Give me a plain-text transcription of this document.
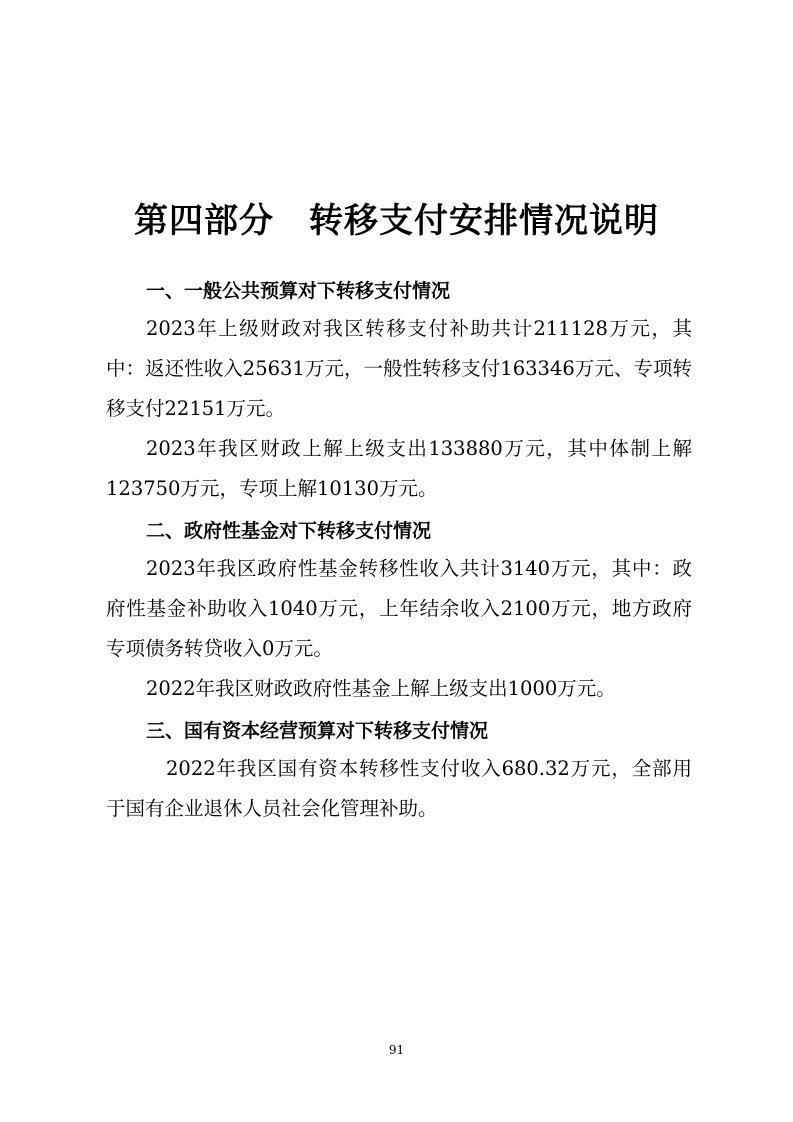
第四部分　转移支付安排情况说明
一、一般公共预算对下转移支付情况

2023年上级财政对我区转移支付补助共计211128万元，其中：返还性收入25631万元，一般性转移支付163346万元、专项转移支付22151万元。

2023年我区财政上解上级支出133880万元，其中体制上解123750万元，专项上解10130万元。

二、政府性基金对下转移支付情况

2023年我区政府性基金转移性收入共计3140万元，其中：政府性基金补助收入1040万元，上年结余收入2100万元，地方政府专项债务转贷收入0万元。

2022年我区财政政府性基金上解上级支出1000万元。

三、国有资本经营预算对下转移支付情况

2022年我区国有资本转移性支付收入680.32万元，全部用于国有企业退休人员社会化管理补助。

91
